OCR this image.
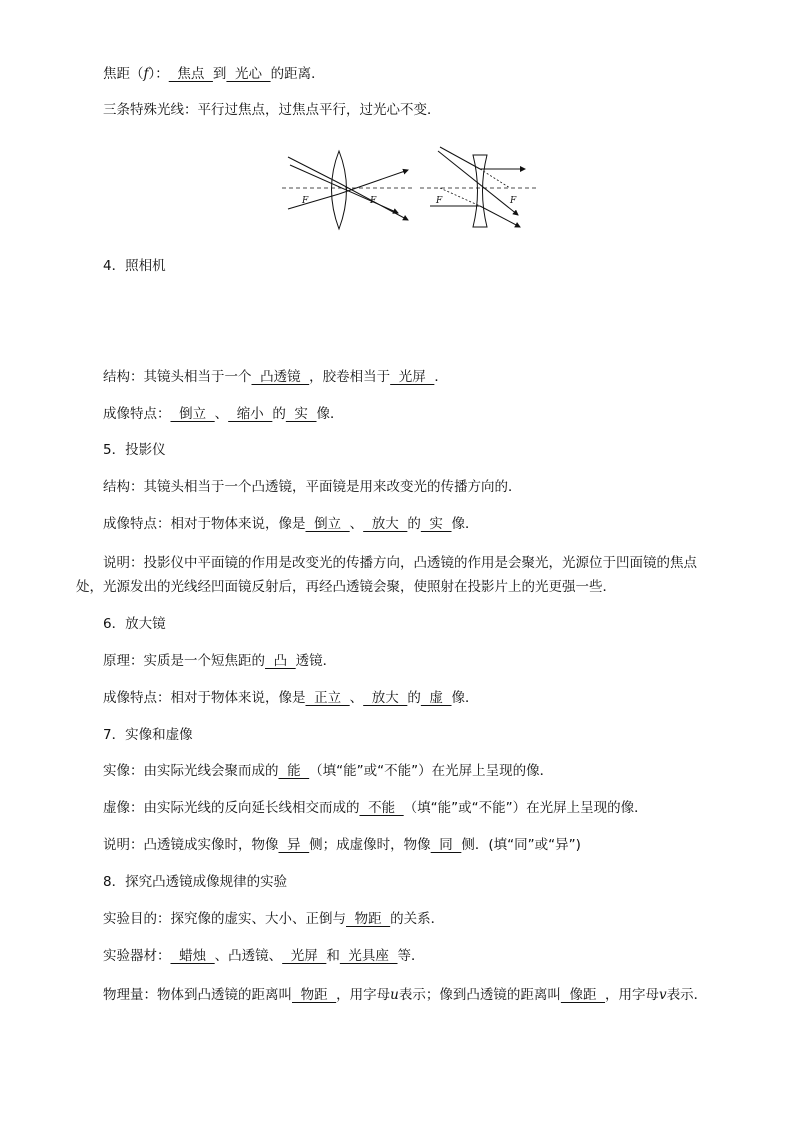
焦距（f）：  焦点  到  光心  的距离．
三条特殊光线：平行过焦点，过焦点平行，过光心不变．
F	F	F	F
4．照相机
结构：其镜头相当于一个  凸透镜  ，胶卷相当于  光屏  ．
成像特点：  倒立  、  缩小  的  实  像．
5．投影仪
结构：其镜头相当于一个凸透镜，平面镜是用来改变光的传播方向的．
成像特点：相对于物体来说，像是  倒立  、  放大  的  实  像．
说明：投影仪中平面镜的作用是改变光的传播方向，凸透镜的作用是会聚光，光源位于凹面镜的焦点处，光源发出的光线经凹面镜反射后，再经凸透镜会聚，使照射在投影片上的光更强一些．
6．放大镜
原理：实质是一个短焦距的  凸  透镜．
成像特点：相对于物体来说，像是  正立  、  放大  的  虚  像．
7．实像和虚像
实像：由实际光线会聚而成的  能  （填“能”或“不能”）在光屏上呈现的像．
虚像：由实际光线的反向延长线相交而成的  不能  （填“能”或“不能”）在光屏上呈现的像．
说明：凸透镜成实像时，物像  异  侧；成虚像时，物像  同  侧．(填“同”或“异”)
8．探究凸透镜成像规律的实验
实验目的：探究像的虚实、大小、正倒与  物距  的关系．
实验器材：  蜡烛  、凸透镜、  光屏  和  光具座  等．
物理量：物体到凸透镜的距离叫  物距  ，用字母u表示；像到凸透镜的距离叫  像距  ，用字母v表示．
